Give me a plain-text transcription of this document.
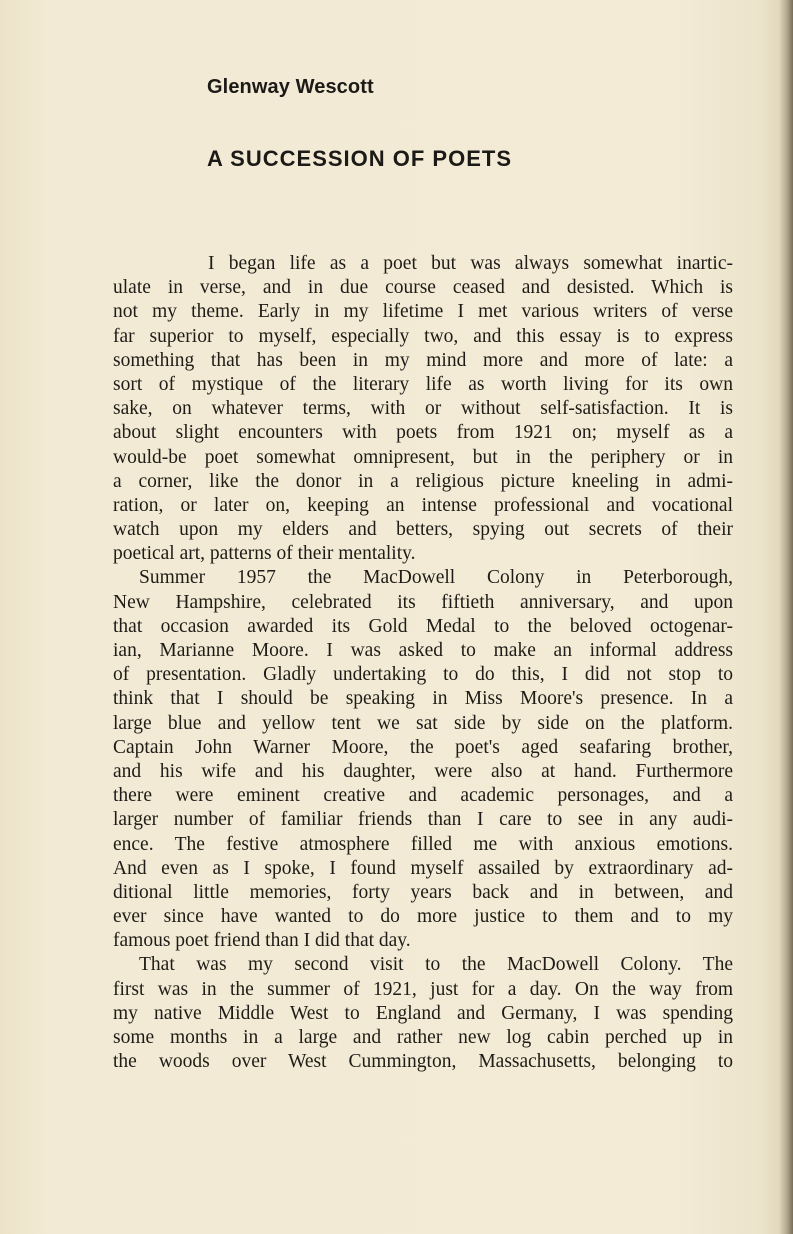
Glenway Wescott
A SUCCESSION OF POETS
I began life as a poet but was always somewhat inartic-
ulate in verse, and in due course ceased and desisted. Which is
not my theme. Early in my lifetime I met various writers of verse
far superior to myself, especially two, and this essay is to express
something that has been in my mind more and more of late: a
sort of mystique of the literary life as worth living for its own
sake, on whatever terms, with or without self-satisfaction. It is
about slight encounters with poets from 1921 on; myself as a
would-be poet somewhat omnipresent, but in the periphery or in
a corner, like the donor in a religious picture kneeling in admi-
ration, or later on, keeping an intense professional and vocational
watch upon my elders and betters, spying out secrets of their
poetical art, patterns of their mentality.
Summer 1957 the MacDowell Colony in Peterborough,
New Hampshire, celebrated its fiftieth anniversary, and upon
that occasion awarded its Gold Medal to the beloved octogenar-
ian, Marianne Moore. I was asked to make an informal address
of presentation. Gladly undertaking to do this, I did not stop to
think that I should be speaking in Miss Moore's presence. In a
large blue and yellow tent we sat side by side on the platform.
Captain John Warner Moore, the poet's aged seafaring brother,
and his wife and his daughter, were also at hand. Furthermore
there were eminent creative and academic personages, and a
larger number of familiar friends than I care to see in any audi-
ence. The festive atmosphere filled me with anxious emotions.
And even as I spoke, I found myself assailed by extraordinary ad-
ditional little memories, forty years back and in between, and
ever since have wanted to do more justice to them and to my
famous poet friend than I did that day.
That was my second visit to the MacDowell Colony. The
first was in the summer of 1921, just for a day. On the way from
my native Middle West to England and Germany, I was spending
some months in a large and rather new log cabin perched up in
the woods over West Cummington, Massachusetts, belonging to
